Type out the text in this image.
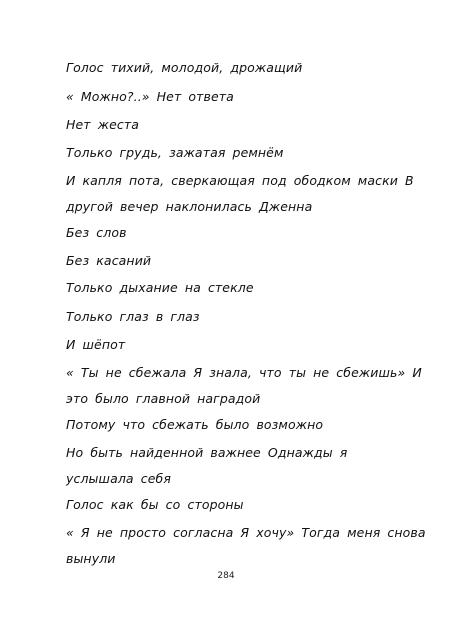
Голос тихий, молодой, дрожащий

« Можно?..» Нет ответа

Нет жеста

Только грудь, зажатая ремнём

И капля пота, сверкающая под ободком маски В
другой вечер наклонилась Дженна

Без слов

Без касаний

Только дыхание на стекле

Только глаз в глаз

И шёпот

« Ты не сбежала Я знала, что ты не сбежишь» И
это было главной наградой

Потому что сбежать было возможно

Но быть найденной важнее Однажды я
услышала себя

Голос как бы со стороны

« Я не просто согласна Я хочу» Тогда меня снова
вынули

284
